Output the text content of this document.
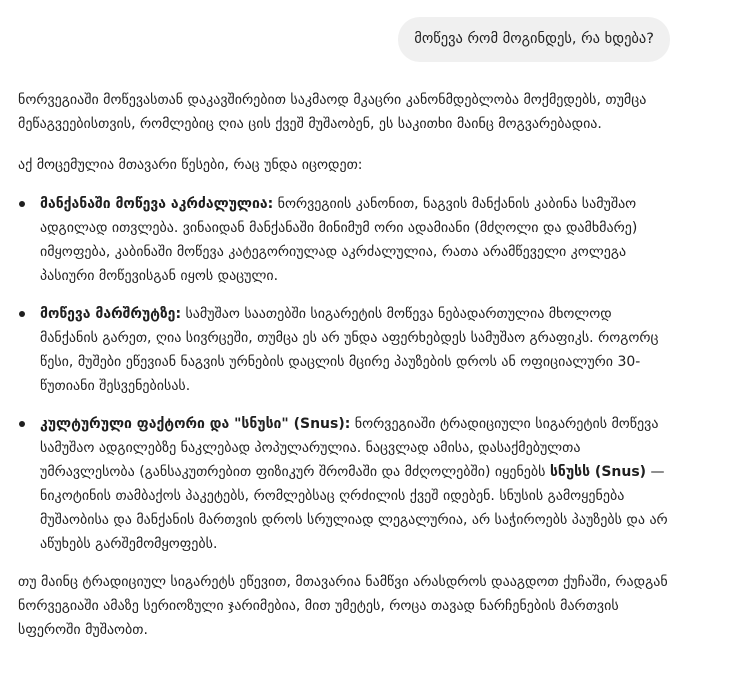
მოწევა რომ მოგინდეს, რა ხდება?

ნორვეგიაში მოწევასთან დაკავშირებით საკმაოდ მკაცრი კანონმდებლობა მოქმედებს, თუმცა მეწაგვეებისთვის, რომლებიც ღია ცის ქვეშ მუშაობენ, ეს საკითხი მაინც მოგვარებადია.

აქ მოცემულია მთავარი წესები, რაც უნდა იცოდეთ:

მანქანაში მოწევა აკრძალულია: ნორვეგიის კანონით, ნაგვის მანქანის კაბინა სამუშაო ადგილად ითვლება. ვინაიდან მანქანაში მინიმუმ ორი ადამიანი (მძღოლი და დამხმარე) იმყოფება, კაბინაში მოწევა კატეგორიულად აკრძალულია, რათა არამწეველი კოლეგა პასიური მოწევისგან იყოს დაცული.
მოწევა მარშრუტზე: სამუშაო საათებში სიგარეტის მოწევა ნებადართულია მხოლოდ მანქანის გარეთ, ღია სივრცეში, თუმცა ეს არ უნდა აფერხებდეს სამუშაო გრაფიკს. როგორც წესი, მუშები ეწევიან ნაგვის ურნების დაცლის მცირე პაუზების დროს ან ოფიციალური 30-წუთიანი შესვენებისას.
კულტურული ფაქტორი და "სნუსი" (Snus): ნორვეგიაში ტრადიციული სიგარეტის მოწევა სამუშაო ადგილებზე ნაკლებად პოპულარულია. ნაცვლად ამისა, დასაქმებულთა უმრავლესობა (განსაკუთრებით ფიზიკურ შრომაში და მძღოლებში) იყენებს სნუსს (Snus) — ნიკოტინის თამბაქოს პაკეტებს, რომლებსაც ღრძილის ქვეშ იდებენ. სნუსის გამოყენება მუშაობისა და მანქანის მართვის დროს სრულიად ლეგალურია, არ საჭიროებს პაუზებს და არ აწუხებს გარშემომყოფებს.

თუ მაინც ტრადიციულ სიგარეტს ეწევით, მთავარია ნამწვი არასდროს დააგდოთ ქუჩაში, რადგან ნორვეგიაში ამაზე სერიოზული ჯარიმებია, მით უმეტეს, როცა თავად ნარჩენების მართვის სფეროში მუშაობთ.
